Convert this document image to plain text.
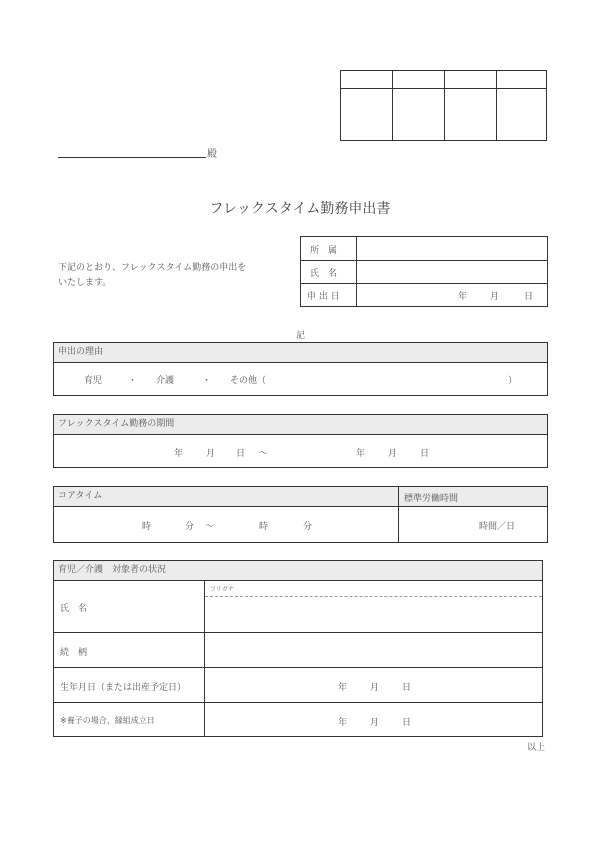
殿
フレックスタイム勤務申出書
下記のとおり、フレックスタイム勤務の申出を
いたします。
所　属
氏　名
申 出 日	年	月	日
記
申出の理由
育児	・ 介護	・ その他（	）
フレックスタイム勤務の期間
年	月 日 ～	年	月	日
コアタイム	標準労働時間
時	分 ～	時	分	時間／日
育児／介護　対象者の状況
フリガナ
氏　名
続　柄
生年月日（または出産予定日）	年	月	日
※養子の場合、縁組成立日	年	月	日
以上
